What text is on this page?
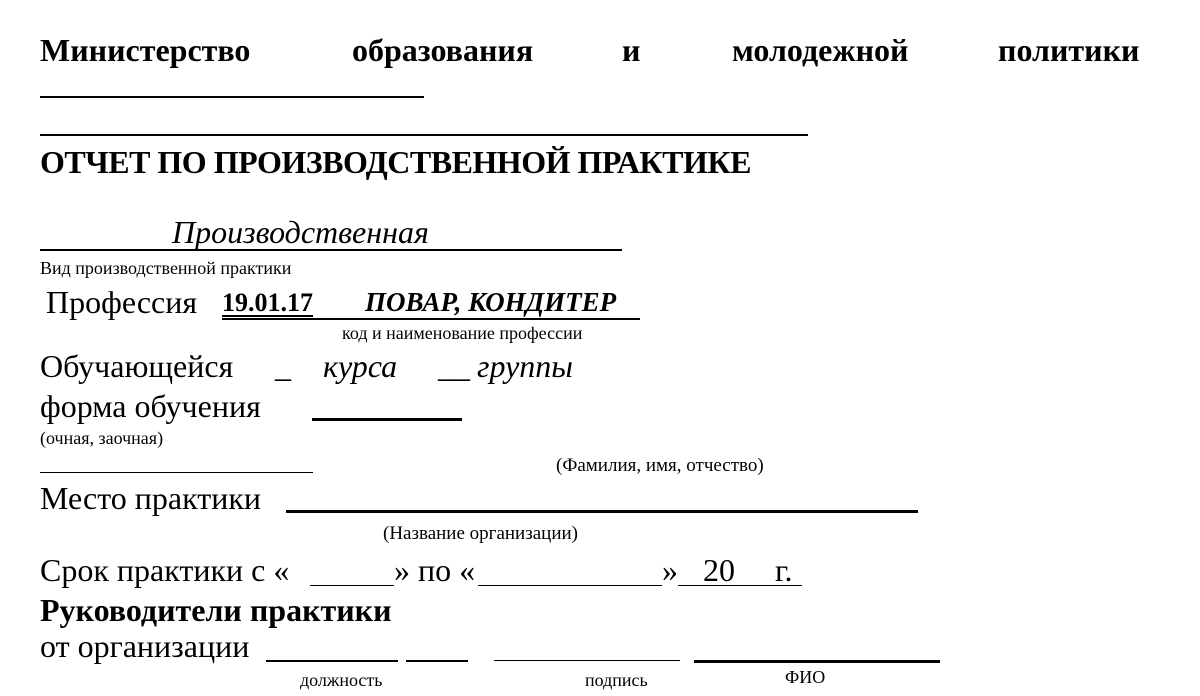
Министерство	образования	и	молодежной	политики
ОТЧЕТ ПО ПРОИЗВОДСТВЕННОЙ ПРАКТИКЕ
Производственная
Вид производственной практики
Профессия 19.01.17 ПОВАР, КОНДИТЕР
код и наименование профессии
Обучающейся _ курса __ группы
форма обучения
(очная, заочная)
(Фамилия, имя, отчество)
Место практики
(Название организации)
Срок практики с «	» по «	» 20 г.
Руководители практики
от организации
должность	подпись	ФИО
